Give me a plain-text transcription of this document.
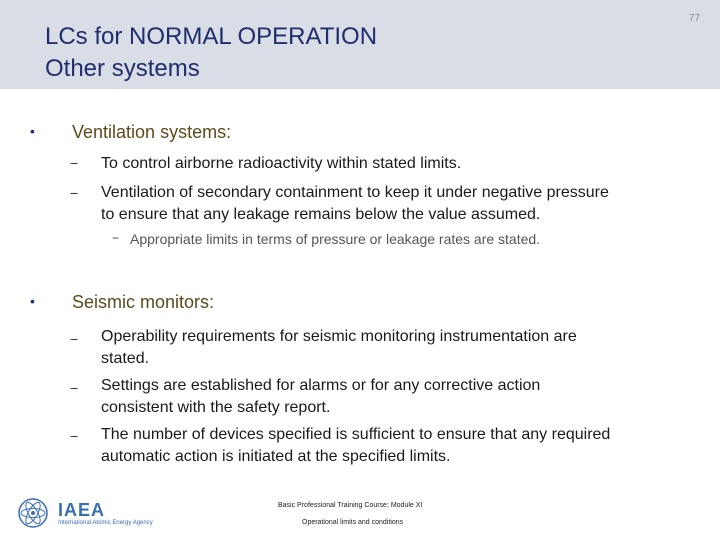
LCs for NORMAL OPERATION
Other systems
77
• Ventilation systems:
− To control airborne radioactivity within stated limits.
− Ventilation of secondary containment to keep it under negative pressure
to ensure that any leakage remains below the value assumed.
− Appropriate limits in terms of pressure or leakage rates are stated.
• Seismic monitors:
− Operability requirements for seismic monitoring instrumentation are
stated.
− Settings are established for alarms or for any corrective action
consistent with the safety report.
− The number of devices specified is sufficient to ensure that any required
automatic action is initiated at the specified limits.
IAEA
International Atomic Energy Agency
Basic Professional Training Course; Module XI
Operational limits and conditions
